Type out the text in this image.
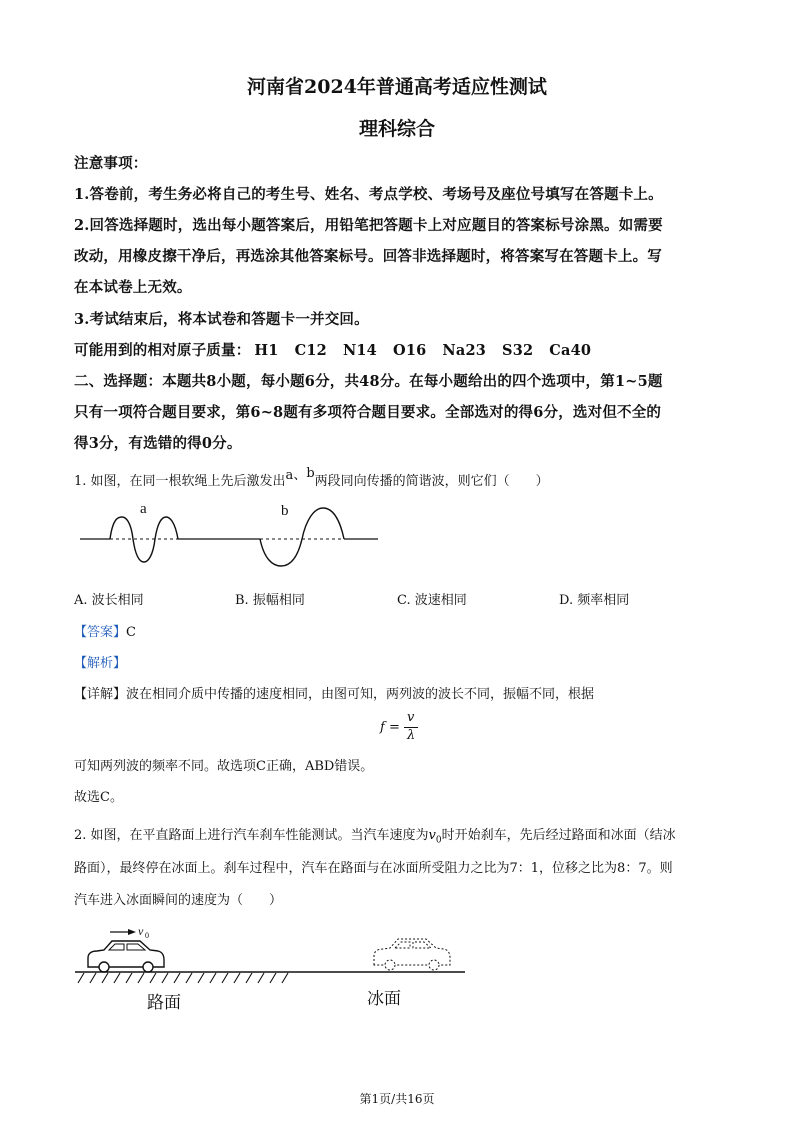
河南省2024年普通高考适应性测试
理科综合
注意事项：
1.答卷前，考生务必将自己的考生号、姓名、考点学校、考场号及座位号填写在答题卡上。
2.回答选择题时，选出每小题答案后，用铅笔把答题卡上对应题目的答案标号涂黑。如需要
改动，用橡皮擦干净后，再选涂其他答案标号。回答非选择题时，将答案写在答题卡上。写
在本试卷上无效。
3.考试结束后，将本试卷和答题卡一并交回。
可能用到的相对原子质量： H1 C12 N14 O16 Na23 S32 Ca40
二、选择题：本题共8小题，每小题6分，共48分。在每小题给出的四个选项中，第1~5题
只有一项符合题目要求，第6~8题有多项符合题目要求。全部选对的得6分，选对但不全的
得3分，有选错的得0分。
1. 如图，在同一根软绳上先后激发出a、b两段同向传播的简谐波，则它们（　　）
a	b
A. 波长相同	B. 振幅相同	C. 波速相同	D. 频率相同
【答案】C
【解析】
【详解】波在相同介质中传播的速度相同，由图可知，两列波的波长不同，振幅不同，根据
f =
v
λ
可知两列波的频率不同。故选项C正确，ABD错误。
故选C。
2. 如图，在平直路面上进行汽车刹车性能测试。当汽车速度为$v_0$时开始刹车，先后经过路面和冰面（结冰
路面），最终停在冰面上。刹车过程中，汽车在路面与在冰面所受阻力之比为7：1，位移之比为8：7。则
汽车进入冰面瞬间的速度为（　　）
v 0
路面	冰面
第1页/共16页
